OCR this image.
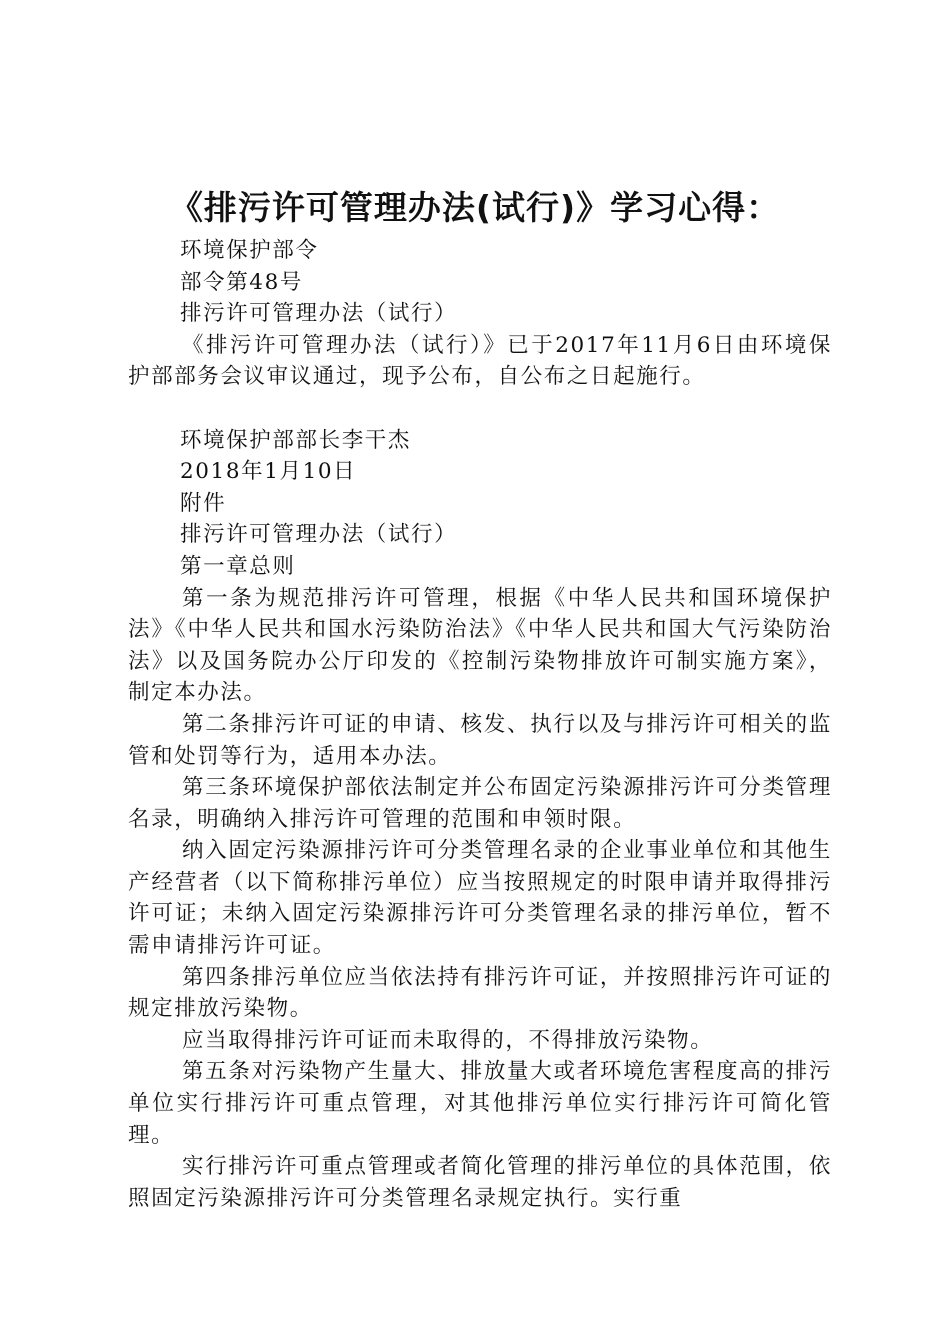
《排污许可管理办法(试行)》学习心得：

环境保护部令

部令第48号

排污许可管理办法（试行）

《排污许可管理办法（试行）》已于2017年11月6日由环境保护部部务会议审议通过，现予公布，自公布之日起施行。

环境保护部部长李干杰

2018年1月10日

附件

排污许可管理办法（试行）

第一章总则

第一条为规范排污许可管理，根据《中华人民共和国环境保护法》《中华人民共和国水污染防治法》《中华人民共和国大气污染防治法》以及国务院办公厅印发的《控制污染物排放许可制实施方案》，制定本办法。

第二条排污许可证的申请、核发、执行以及与排污许可相关的监管和处罚等行为，适用本办法。

第三条环境保护部依法制定并公布固定污染源排污许可分类管理名录，明确纳入排污许可管理的范围和申领时限。

纳入固定污染源排污许可分类管理名录的企业事业单位和其他生产经营者（以下简称排污单位）应当按照规定的时限申请并取得排污许可证；未纳入固定污染源排污许可分类管理名录的排污单位，暂不需申请排污许可证。

第四条排污单位应当依法持有排污许可证，并按照排污许可证的规定排放污染物。

应当取得排污许可证而未取得的，不得排放污染物。

第五条对污染物产生量大、排放量大或者环境危害程度高的排污单位实行排污许可重点管理，对其他排污单位实行排污许可简化管理。

实行排污许可重点管理或者简化管理的排污单位的具体范围，依照固定污染源排污许可分类管理名录规定执行。实行重
